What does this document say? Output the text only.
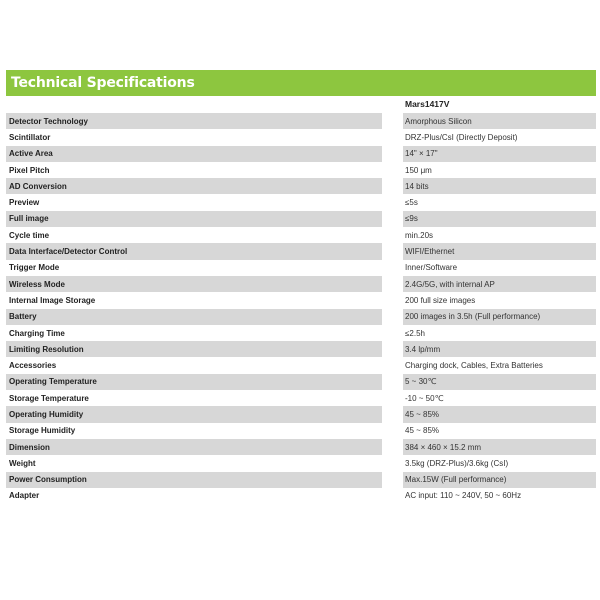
Technical Specifications
Mars1417V
Detector Technology	Amorphous Silicon
Scintillator	DRZ-Plus/CsI (Directly Deposit)
Active Area	14" × 17"
Pixel Pitch	150 μm
AD Conversion	14 bits
Preview	≤5s
Full image	≤9s
Cycle time	min.20s
Data Interface/Detector Control	WIFI/Ethernet
Trigger Mode	Inner/Software
Wireless Mode	2.4G/5G, with internal AP
Internal Image Storage	200 full size images
Battery	200 images in 3.5h (Full performance)
Charging Time	≤2.5h
Limiting Resolution	3.4 lp/mm
Accessories	Charging dock, Cables, Extra Batteries
Operating Temperature	5 ~ 30℃
Storage Temperature	-10 ~ 50℃
Operating Humidity	45 ~ 85%
Storage Humidity	45 ~ 85%
Dimension	384 × 460 × 15.2 mm
Weight	3.5kg (DRZ-Plus)/3.6kg (CsI)
Power Consumption	Max.15W (Full performance)
Adapter	AC input: 110 ~ 240V, 50 ~ 60Hz
